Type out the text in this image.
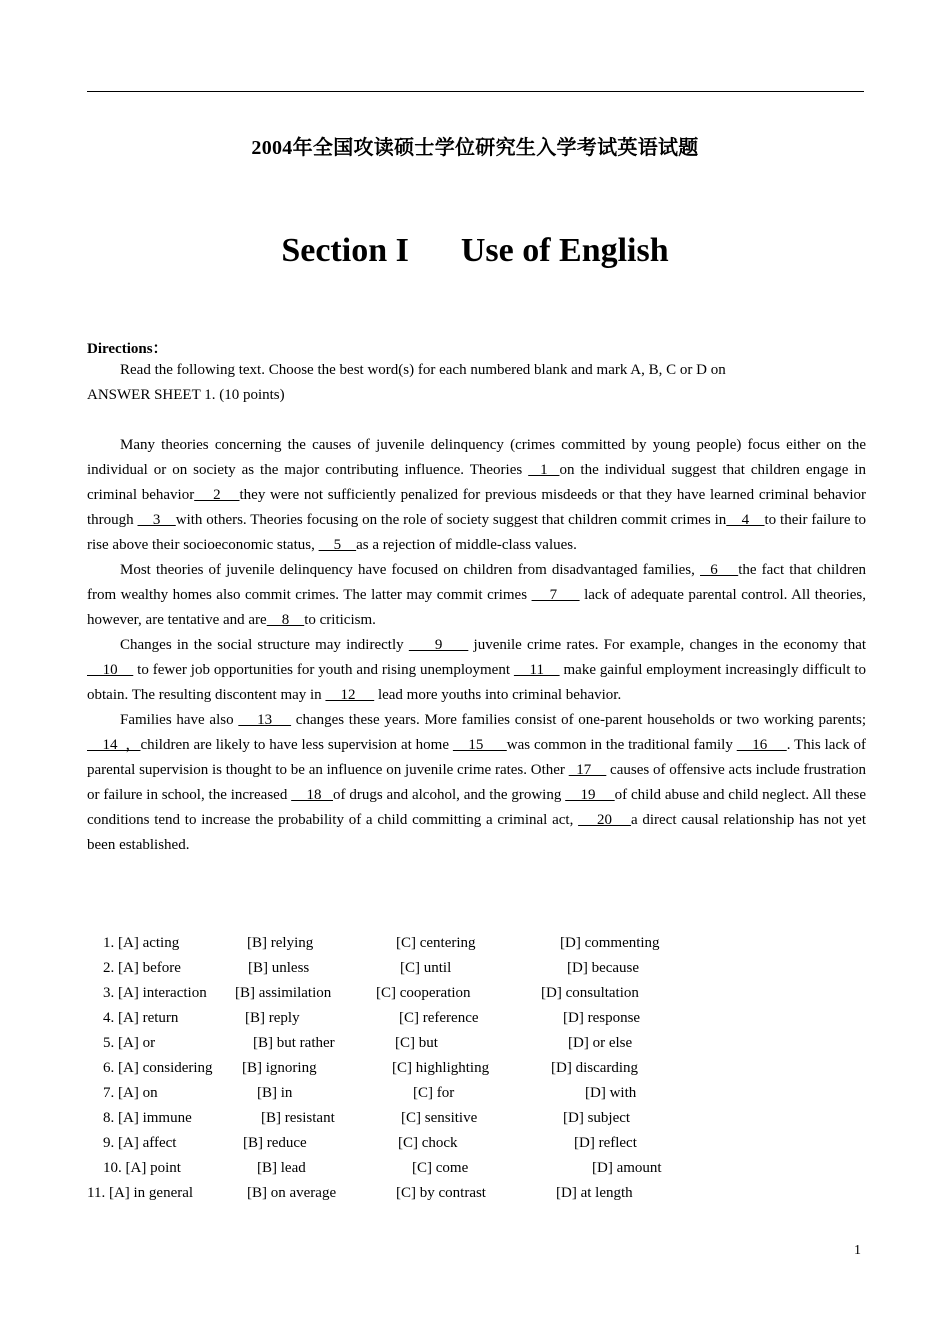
2004年全国攻读硕士学位研究生入学考试英语试题
Section I Use of English
Directions：

Read the following text. Choose the best word(s) for each numbered blank and mark A, B, C or D on

ANSWER SHEET 1. (10 points)

Many theories concerning the causes of juvenile delinquency (crimes committed by young people) focus either on the individual or on society as the major contributing influence. Theories   1  on the individual suggest that children engage in criminal behavior    2    they were not sufficiently penalized for previous misdeeds or that they have learned criminal behavior through     3    with others. Theories focusing on the role of society suggest that children commit crimes in    4    to their failure to rise above their socioeconomic status,     5    as a rejection of middle-class values.

Most theories of juvenile delinquency have focused on children from disadvantaged families,   6    the fact that children from wealthy homes also commit crimes. The latter may commit crimes     7      lack of adequate parental control. All theories, however, are tentative and are    8    to criticism.

Changes in the social structure may indirectly      9      juvenile crime rates. For example, changes in the economy that     10     to fewer job opportunities for youth and rising unemployment     11     make gainful employment increasingly difficult to obtain. The resulting discontent may in     12      lead more youths into criminal behavior.

Families have also     13     changes these years. More families consist of one-parent households or two working parents;     14  ，children are likely to have less supervision at home     15      was common in the traditional family     16     . This lack of parental supervision is thought to be an influence on juvenile crime rates. Other   17     causes of offensive acts include frustration or failure in school, the increased     18   of drugs and alcohol, and the growing     19     of child abuse and child neglect. All these conditions tend to increase the probability of a child committing a criminal act,     20    a direct causal relationship has not yet been established.

1. [A] acting	[B] relying	[C] centering	[D] commenting
2. [A] before	[B] unless	[C] until	[D] because
3. [A] interaction [B] assimilation	[C] cooperation	[D] consultation
4. [A] return	[B] reply	[C] reference	[D] response
5. [A] or	[B] but rather	[C] but	[D] or else
6. [A] considering [B] ignoring	[C] highlighting	[D] discarding
7. [A] on	[B] in	[C] for	[D] with
8. [A] immune	[B] resistant	[C] sensitive	[D] subject
9. [A] affect	[B] reduce	[C] chock	[D] reflect
10. [A] point	[B] lead	[C] come	[D] amount
11. [A] in general	[B] on average	[C] by contrast	[D] at length
1
